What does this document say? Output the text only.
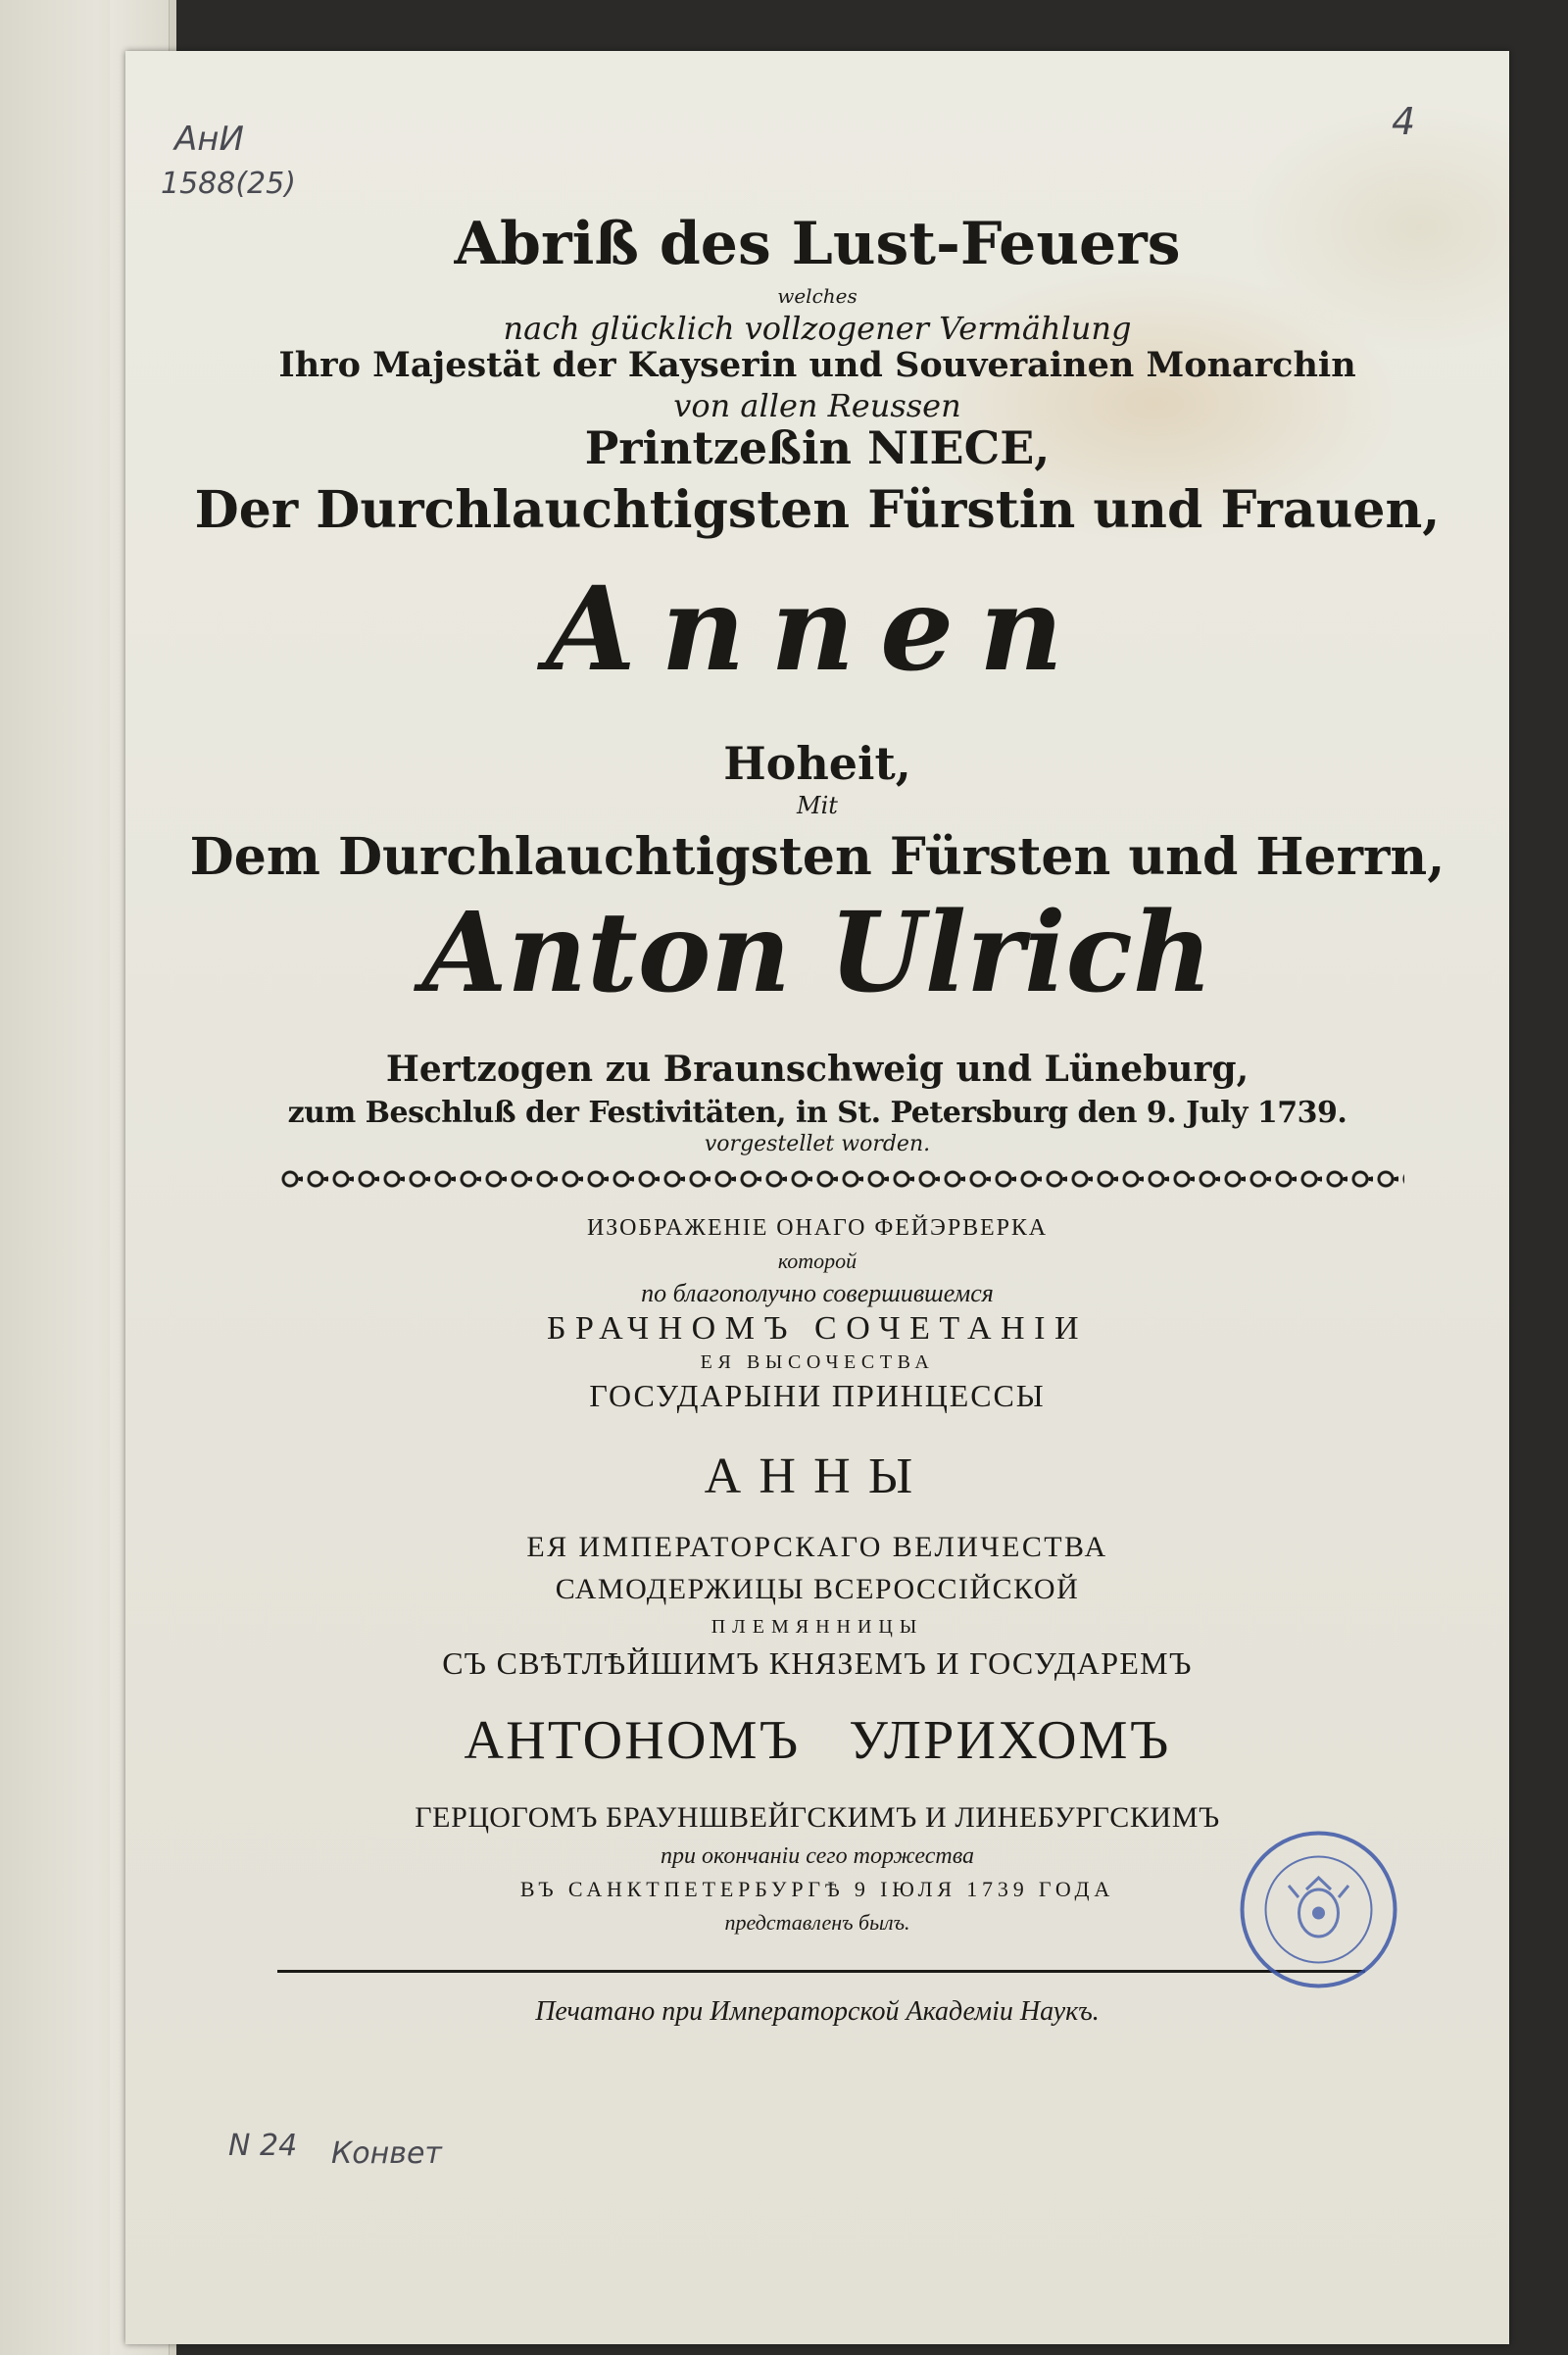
АнИ
1588(25)
4
N 24 Конвет
Abriß des Lust-Feuers
welches
nach glücklich vollzogener Vermählung
Ihro Majestät der Kayserin und Souverainen Monarchin
von allen Reussen
Printzeßin NIECE,
Der Durchlauchtigsten Fürstin und Frauen,
Annen
Hoheit,
Mit
Dem Durchlauchtigsten Fürsten und Herrn,
Anton Ulrich
Hertzogen zu Braunschweig und Lüneburg,
zum Beschluß der Festivitäten, in St. Petersburg den 9. July 1739.
vorgestellet worden.
ИЗОБРАЖЕНІЕ ОНАГО ФЕЙЭРВЕРКА
которой
по благополучно совершившемся
БРАЧНОМЪ СОЧЕТАНІИ
ЕЯ ВЫСОЧЕСТВА
ГОСУДАРЫНИ ПРИНЦЕССЫ
АННЫ
ЕЯ ИМПЕРАТОРСКАГО ВЕЛИЧЕСТВА
САМОДЕРЖИЦЫ ВСЕРОССІЙСКОЙ
ПЛЕМЯННИЦЫ
СЪ СВѢТЛѢЙШИМЪ КНЯЗЕМЪ И ГОСУДАРЕМЪ
АНТОНОМЪ УЛРИХОМЪ
ГЕРЦОГОМЪ БРАУНШВЕЙГСКИМЪ И ЛИНЕБУРГСКИМЪ
при окончаніи сего торжества
ВЪ САНКТПЕТЕРБУРГѢ 9 ІЮЛЯ 1739 ГОДА
представленъ былъ.
Печатано при Императорской Академіи Наукъ.
